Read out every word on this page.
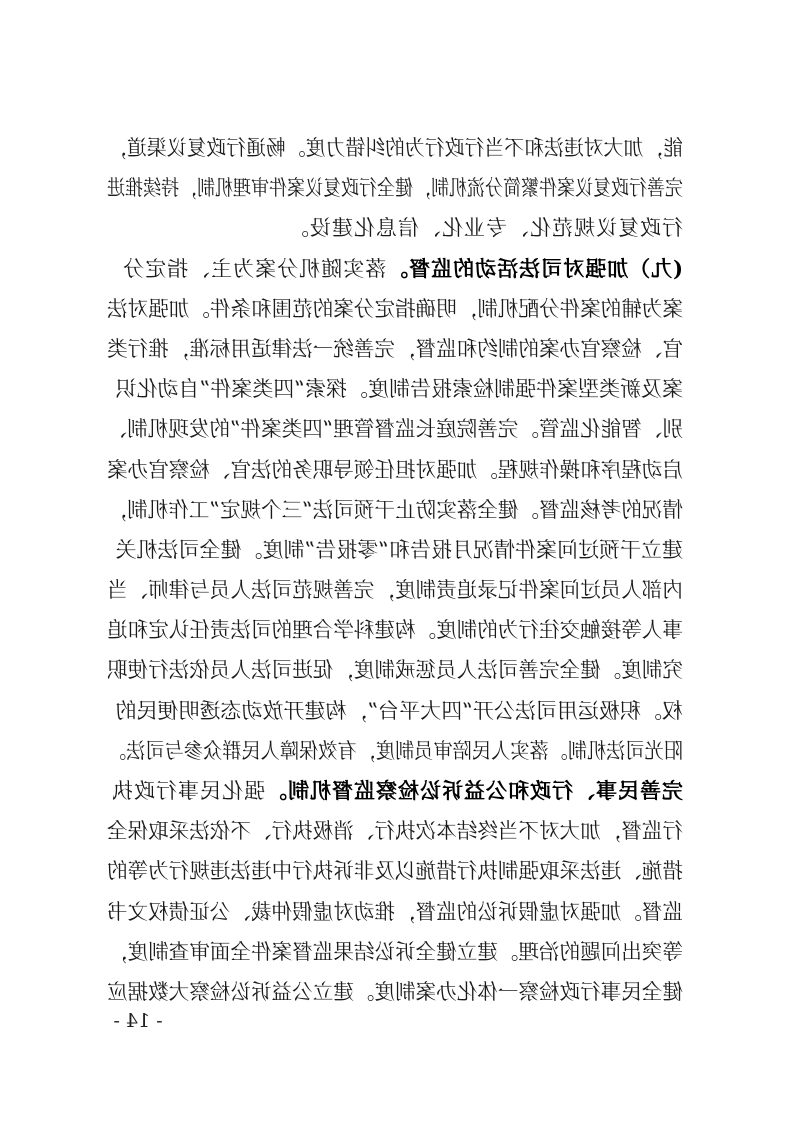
能，加大对违法和不当行政行为的纠错力度。畅通行政复议渠道，
完善行政复议案件繁简分流机制，健全行政复议案件审理机制，持续推进
行政复议规范化、专业化、信息化建设。
(九）加强对司法活动的监督。落实随机分案为主、指定分
案为辅的案件分配机制，明确指定分案的范围和条件。加强对法
官、检察官办案的制约和监督，完善统一法律适用标准，推行类
案及新类型案件强制检索报告制度。探索“四类案件”自动化识
别、智能化监管。完善院庭长监督管理“四类案件”的发现机制、
启动程序和操作规程。加强对担任领导职务的法官、检察官办案
情况的考核监督。健全落实防止干预司法“三个规定”工作机制，
建立干预过问案件情况月报告和“零报告”制度。健全司法机关
内部人员过问案件记录追责制度，完善规范司法人员与律师、当
事人等接触交往行为的制度。构建科学合理的司法责任认定和追
究制度。健全完善司法人员惩戒制度，促进司法人员依法行使职
权。积极运用司法公开“四大平台”，构建开放动态透明便民的
阳光司法机制。落实人民陪审员制度，有效保障人民群众参与司法。
完善民事、行政和公益诉讼检察监督机制。强化民事行政执
行监督，加大对不当终结本次执行、消极执行、不依法采取保全
措施、违法采取强制执行措施以及非诉执行中违法违规行为等的
监督。加强对虚假诉讼的监督，推动对虚假仲裁、公证债权文书
等突出问题的治理。建立健全诉讼结果监督案件全面审查制度，
健全民事行政检察一体化办案制度。建立公益诉讼检察大数据应
- 14 -
